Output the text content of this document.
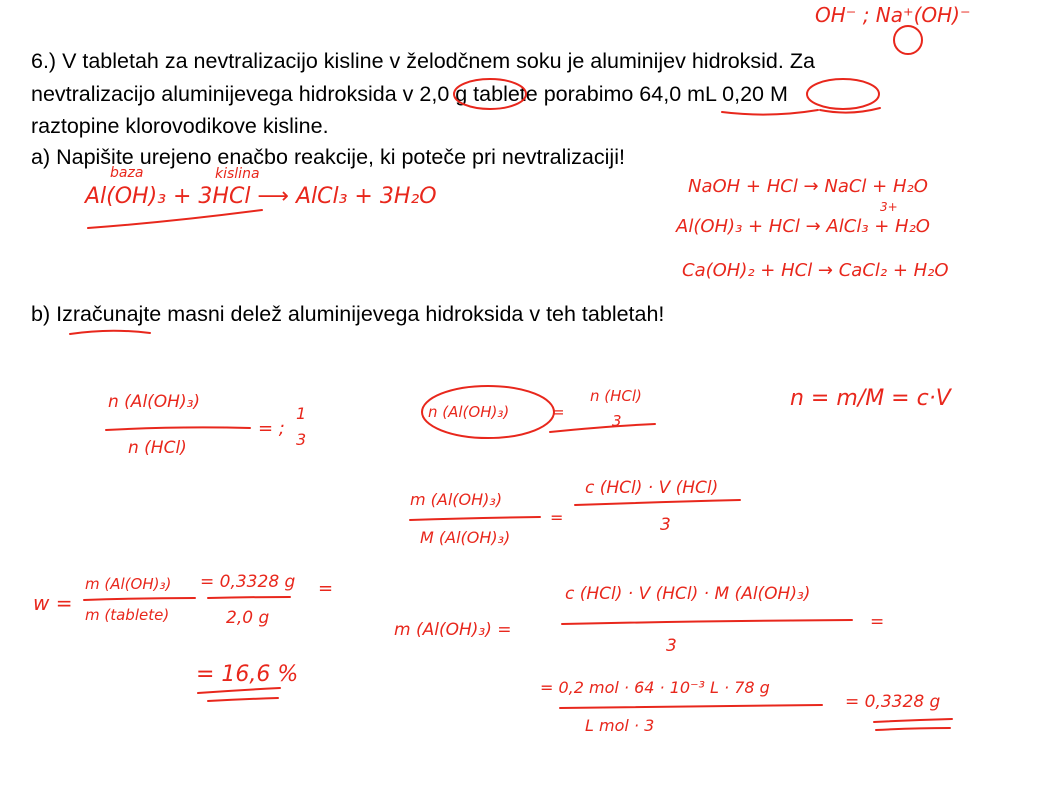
6.) V tabletah za nevtralizacijo kisline v želodčnem soku je aluminijev hidroksid. Za
nevtralizacijo aluminijevega hidroksida v 2,0 g tablete porabimo 64,0 mL 0,20 M
raztopine klorovodikove kisline.
a) Napišite urejeno enačbo reakcije, ki poteče pri nevtralizaciji!
b) Izračunajte masni delež aluminijevega hidroksida v teh tabletah!
OH⁻ ; Na⁺(OH)⁻
baza	kislina
Al(OH)₃ + 3HCl ⟶ AlCl₃ + 3H₂O	NaOH + HCl → NaCl + H₂O
3+
Al(OH)₃ + HCl → AlCl₃ + H₂O
Ca(OH)₂ + HCl → CaCl₂ + H₂O
n (Al(OH)₃)
n (HCl)
= ;
1
3
n (Al(OH)₃)	=
n (HCl)
3
n = m/M = c·V
m (Al(OH)₃)
M (Al(OH)₃)
=
c (HCl) · V (HCl)
3
w =
m (Al(OH)₃)
m (tablete)
= 0,3328 g
2,0 g
=
= 16,6 %
m (Al(OH)₃) =
c (HCl) · V (HCl) · M (Al(OH)₃)
3
=
= 0,2 mol · 64 · 10⁻³ L · 78 g
L mol · 3
= 0,3328 g
